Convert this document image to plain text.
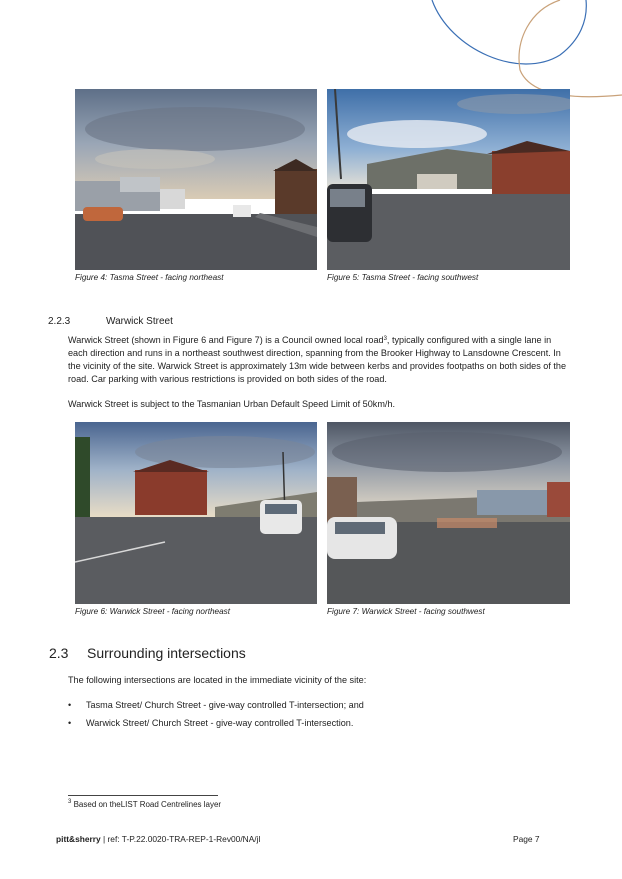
Figure 4: Tasma Street - facing northeast	Figure 5: Tasma Street - facing southwest
2.2.3	Warwick Street
Warwick Street (shown in Figure 6 and Figure 7) is a Council owned local road$^3$, typically configured with a single lane in each direction and runs in a northeast southwest direction, spanning from the Brooker Highway to Lansdowne Crescent. In the vicinity of the site. Warwick Street is approximately 13m wide between kerbs and provides footpaths on both sides of the road. Car parking with various restrictions is provided on both sides of the road.
Warwick Street is subject to the Tasmanian Urban Default Speed Limit of 50km/h.
Figure 6: Warwick Street - facing northeast	Figure 7: Warwick Street - facing southwest
2.3 Surrounding intersections
The following intersections are located in the immediate vicinity of the site:
• Tasma Street/ Church Street - give-way controlled T-intersection; and
• Warwick Street/ Church Street - give-way controlled T-intersection.
$^3$ Based on theLIST Road Centrelines layer
pitt&sherry | ref: T-P.22.0020-TRA-REP-1-Rev00/NA/jl	Page 7
